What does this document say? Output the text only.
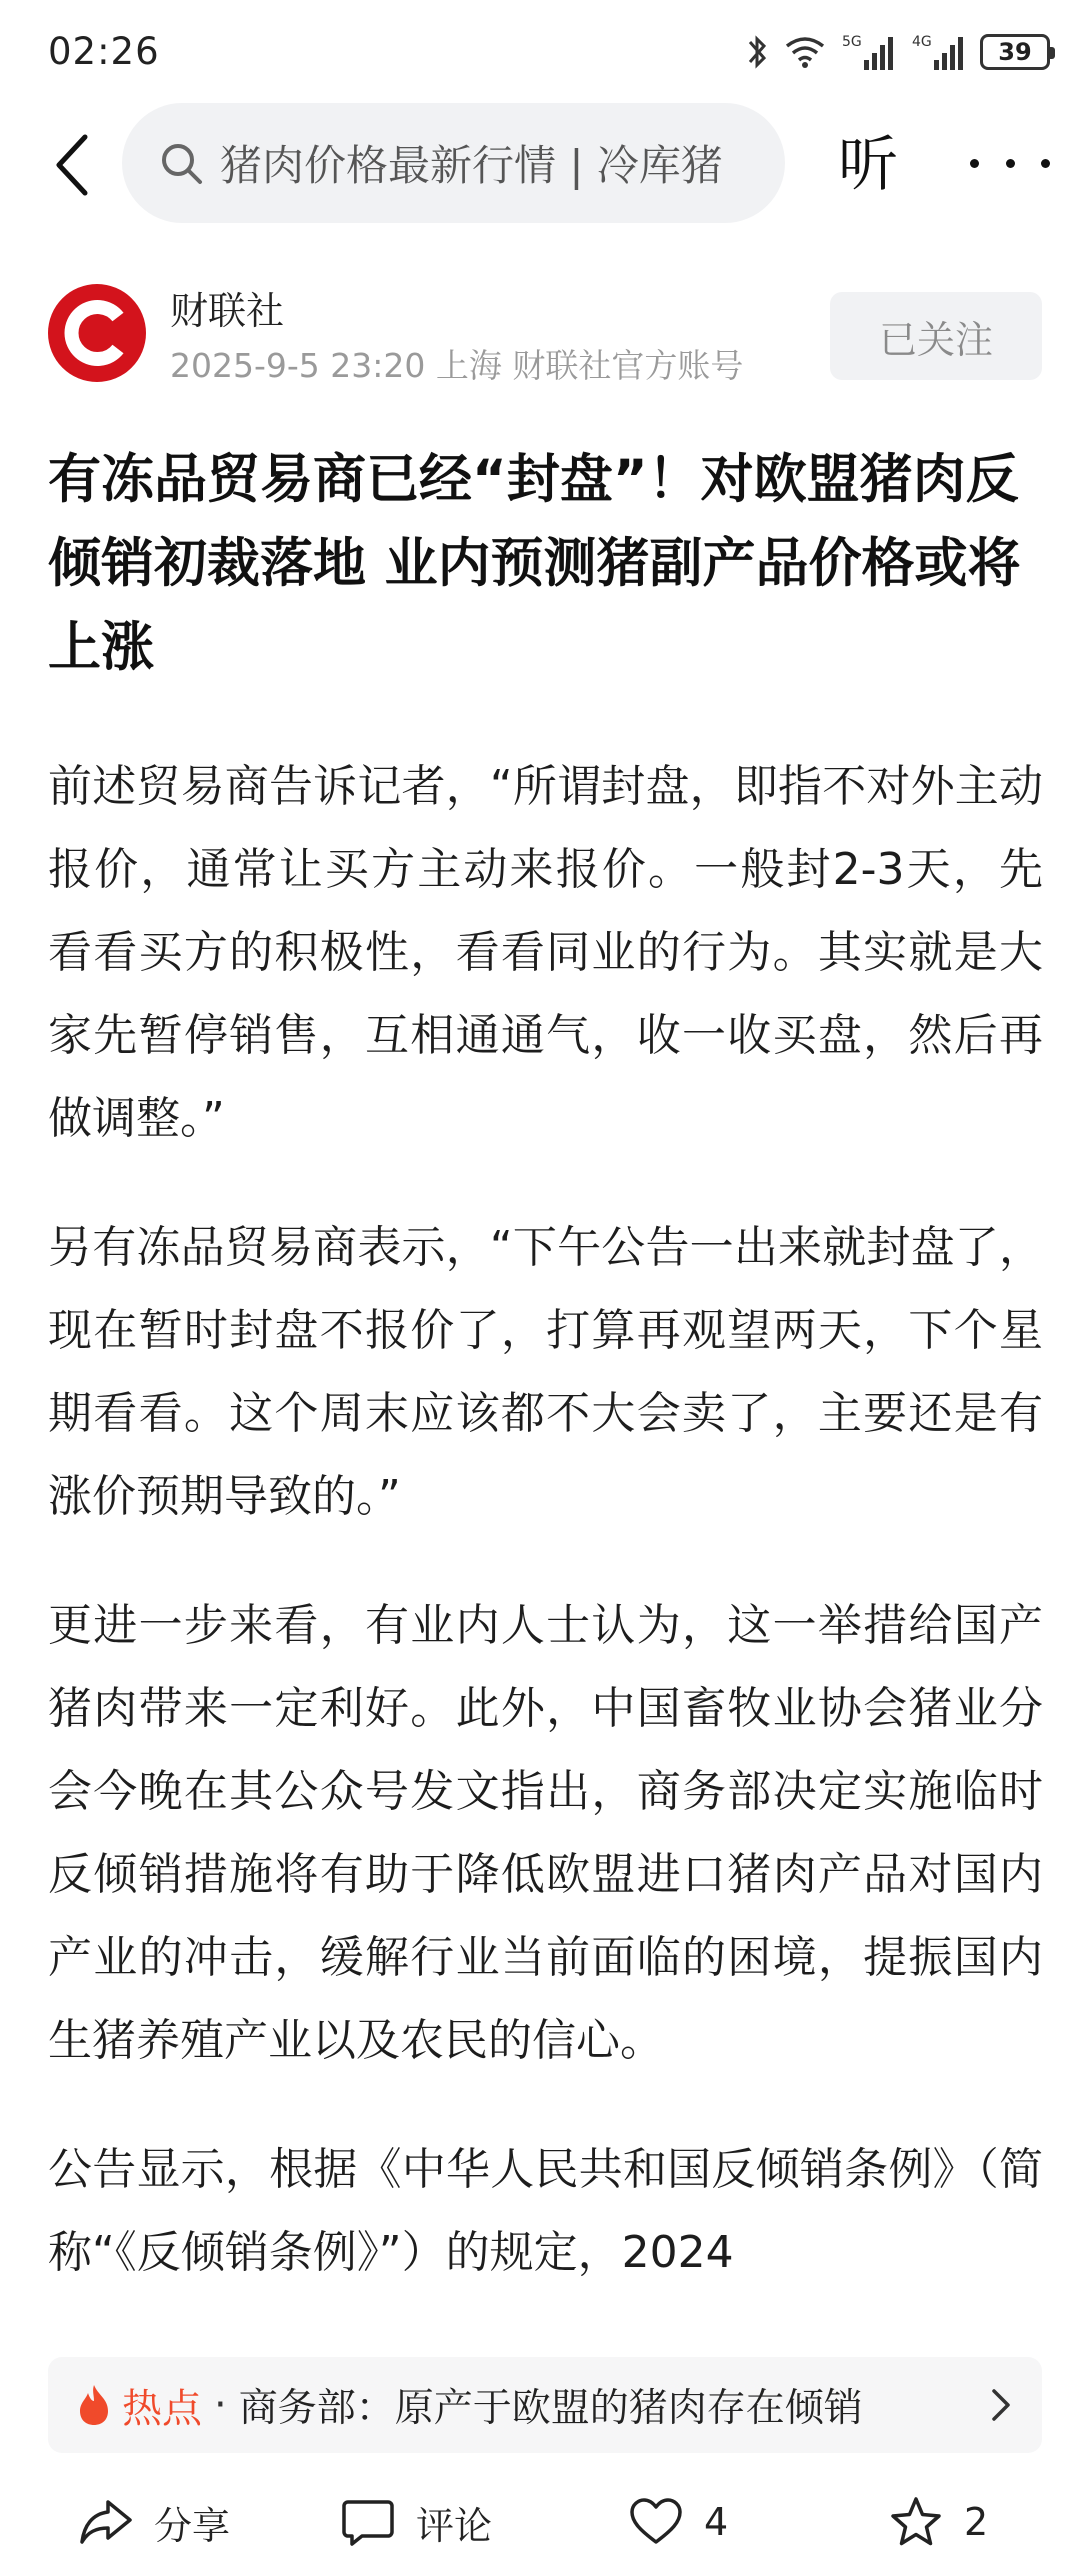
02:26	5G	4G	39
猪肉价格最新行情 | 冷库猪 听
财联社
2025-9-5 23:20 上海 财联社官方账号
已关注
有冻品贸易商已经“封盘”！对欧盟猪肉反倾销初裁落地 业内预测猪副产品价格或将上涨

前述贸易商告诉记者，“所谓封盘，即指不对外主动报价，通常让买方主动来报价。一般封2-3天，先看看买方的积极性，看看同业的行为。其实就是大家先暂停销售，互相通通气，收一收买盘，然后再做调整。”

另有冻品贸易商表示，“下午公告一出来就封盘了，现在暂时封盘不报价了，打算再观望两天，下个星期看看。这个周末应该都不大会卖了，主要还是有涨价预期导致的。”

更进一步来看，有业内人士认为，这一举措给国产猪肉带来一定利好。此外，中国畜牧业协会猪业分会今晚在其公众号发文指出，商务部决定实施临时反倾销措施将有助于降低欧盟进口猪肉产品对国内产业的冲击，缓解行业当前面临的困境，提振国内生猪养殖产业以及农民的信心。

公告显示，根据《中华人民共和国反倾销条例》（简称“《反倾销条例》”）的规定，2024

热点 · 商务部：原产于欧盟的猪肉存在倾销
分享	评论	4	2
